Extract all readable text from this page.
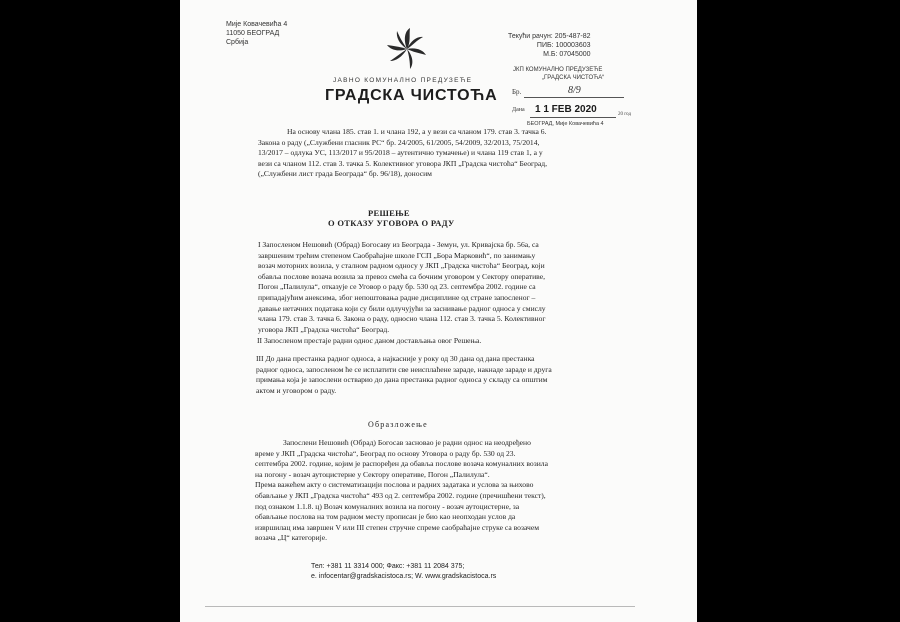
Мије Ковачевића 4
11050 БЕОГРАД
Србија
ЈАВНО КОМУНАЛНО ПРЕДУЗЕЋЕ
ГРАДСКА ЧИСТОЋА
Текући рачун: 205-487-82
ПИБ: 100003603
М.Б: 07045000
ЈКП КОМУНАЛНО ПРЕДУЗЕЋЕ
„ГРАДСКА ЧИСТОЋА“
Бр.	8/9
Дана 1 1 FEB 2020	20 год
БЕОГРАД, Мије Ковачевића 4
На основу члана 185. став 1. и члана 192, а у вези са чланом 179. став 3. тачка 6.
Закона о раду („Службени гласник РС“ бр. 24/2005, 61/2005, 54/2009, 32/2013, 75/2014,
13/2017 – одлука УС, 113/2017 и 95/2018 – аутентично тумачење) и члана 119 став 1, а у
вези са чланом 112. став 3. тачка 5. Колективног уговора ЈКП „Градска чистоћа“ Београд,
(„Службени лист града Београда“ бр. 96/18), доносим
РЕШЕЊЕ
О ОТКАЗУ УГОВОРА О РАДУ
I Запосленом Нешовић (Обрад) Богосаву из Београда - Земун, ул. Кривајска бр. 56а, са
завршеним трећим степеном Саобраћајне школе ГСП „Бора Марковић“, по занимању
возач моторних возила, у сталном радном односу у ЈКП „Градска чистоћа“ Београд, који
обавља послове возача возила за превоз смећа са бочним уговором у Сектору оперативе,
Погон „Палилула“, отказује се Уговор о раду бр. 530 од 23. септембра 2002. године са
припадајућим анексима, због непоштовања радне дисциплине од стране запосленог –
давање нетачних података који су били одлучујући за заснивање радног односа у смислу
члана 179. став 3. тачка 6. Закона о раду, односно члана 112. став 3. тачка 5. Колективног
уговора ЈКП „Градска чистоћа“ Београд.
II Запосленом престаје радни однос даном достављања овог Решења.
III До дана престанка радног односа, а најкасније у року од 30 дана од дана престанка
радног односа, запосленом ће се исплатити све неисплаћене зараде, накнаде зараде и друга
примања која је запослени остварио до дана престанка радног односа у складу са општим
актом и уговором о раду.
Образложење
Запослени Нешовић (Обрад) Богосав засновао је радни однос на неодређено
време у ЈКП „Градска чистоћа“, Београд по основу Уговора о раду бр. 530 од 23.
септембра 2002. године, којим је распоређен да обавља послове возача комуналних возила
на погону - возач аутоцистерне у Сектору оперативе, Погон „Палилула“.
Према важећем акту о систематизацији послова и радних задатака и услова за њихово
обављање у ЈКП „Градска чистоћа“ 493 од 2. септембра 2002. године (пречишћени текст),
под ознаком 1.1.8. ц) Возач комуналних возила на погону - возач аутоцистерне, за
обављање послова на том радном месту прописан је био као неопходан услов да
извршилац има завршен V или III степен стручне спреме саобраћајне струке са возачем
возача „Ц“ категорије.
Тел: +381 11 3314 000; Факс: +381 11 2084 375;
е. infocentar@gradskacistoca.rs; W. www.gradskacistoca.rs
